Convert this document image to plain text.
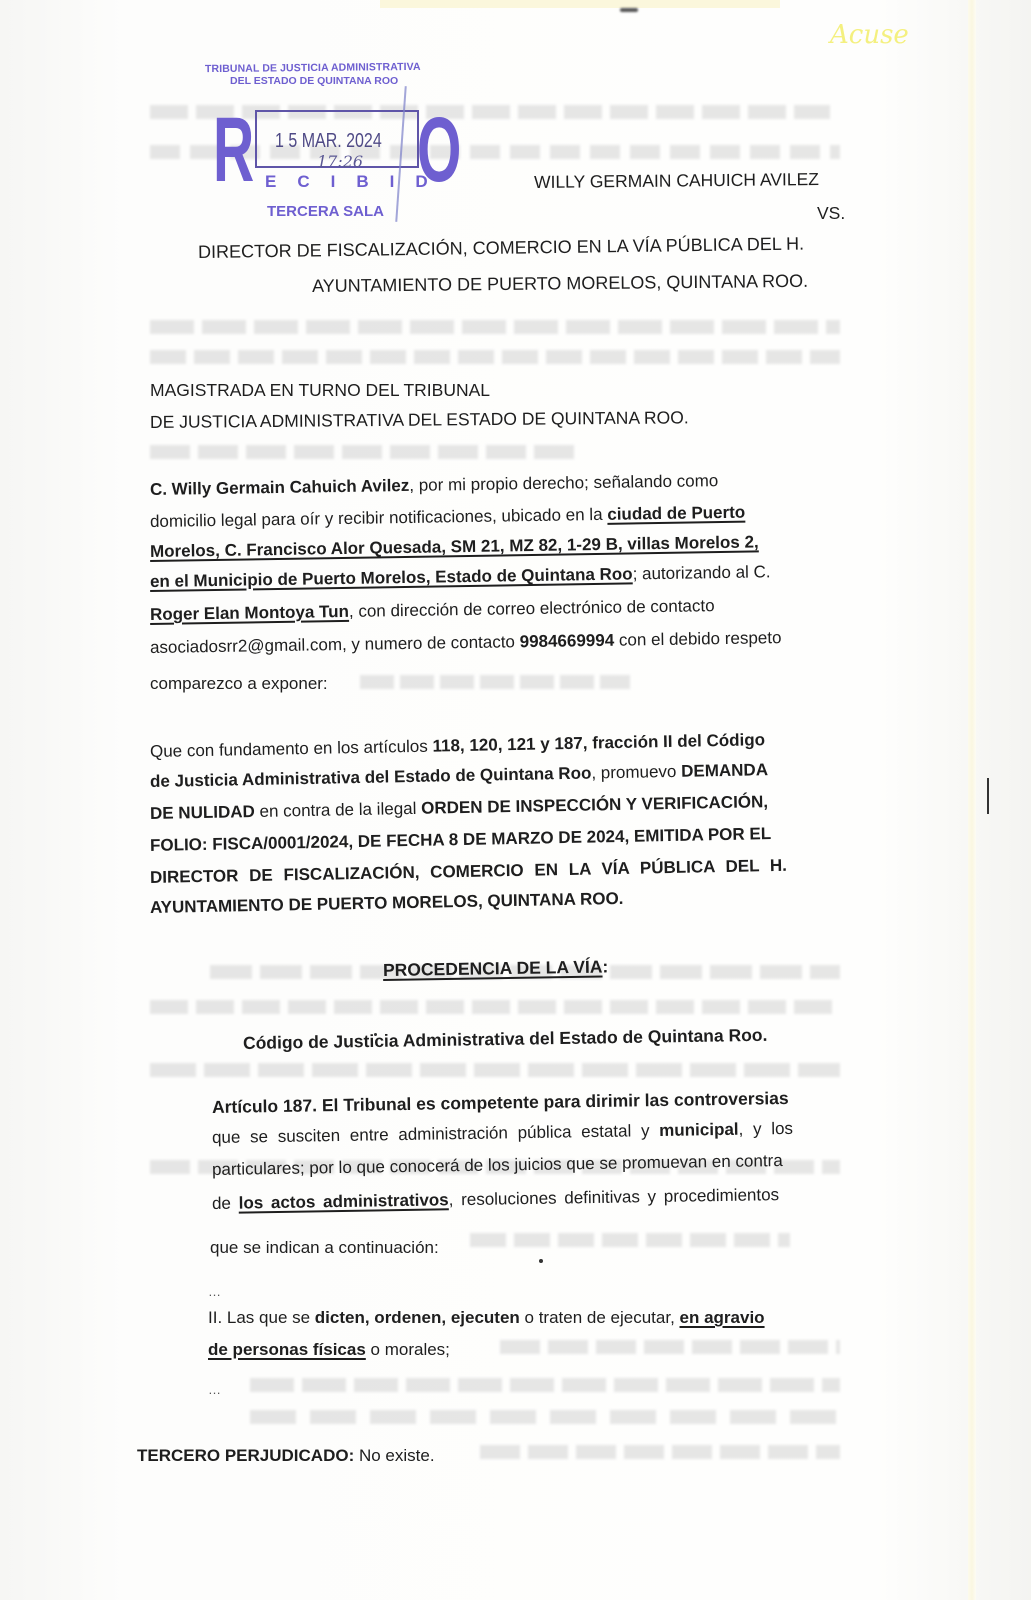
Acuse
TRIBUNAL DE JUSTICIA ADMINISTRATIVA
DEL ESTADO DE QUINTANA ROO
R 1 5 MAR. 2024
17:26
ECIBID
O
TERCERA SALA
WILLY GERMAIN CAHUICH AVILEZ
VS.
DIRECTOR DE FISCALIZACIÓN, COMERCIO EN LA VÍA PÚBLICA DEL H.
AYUNTAMIENTO DE PUERTO MORELOS, QUINTANA ROO.
MAGISTRADA EN TURNO DEL TRIBUNAL
DE JUSTICIA ADMINISTRATIVA DEL ESTADO DE QUINTANA ROO.
C. Willy Germain Cahuich Avilez, por mi propio derecho; señalando como
domicilio legal para oír y recibir notificaciones, ubicado en la ciudad de Puerto
Morelos, C. Francisco Alor Quesada, SM 21, MZ 82, 1-29 B, villas Morelos 2,
en el Municipio de Puerto Morelos, Estado de Quintana Roo; autorizando al C.
Roger Elan Montoya Tun, con dirección de correo electrónico de contacto
asociadosrr2@gmail.com, y numero de contacto 9984669994 con el debido respeto
comparezco a exponer:
Que con fundamento en los artículos 118, 120, 121 y 187, fracción II del Código
de Justicia Administrativa del Estado de Quintana Roo, promuevo DEMANDA
DE NULIDAD en contra de la ilegal ORDEN DE INSPECCIÓN Y VERIFICACIÓN,
FOLIO: FISCA/0001/2024, DE FECHA 8 DE MARZO DE 2024, EMITIDA POR EL
DIRECTOR DE FISCALIZACIÓN, COMERCIO EN LA VÍA PÚBLICA DEL H.
AYUNTAMIENTO DE PUERTO MORELOS, QUINTANA ROO.
PROCEDENCIA DE LA VÍA:
Código de Justicia Administrativa del Estado de Quintana Roo.
Artículo 187. El Tribunal es competente para dirimir las controversias
que se susciten entre administración pública estatal y municipal, y los
particulares; por lo que conocerá de los juicios que se promuevan en contra
de los actos administrativos, resoluciones definitivas y procedimientos
que se indican a continuación:
…
II. Las que se dicten, ordenen, ejecuten o traten de ejecutar, en agravio
de personas físicas o morales;
…
TERCERO PERJUDICADO: No existe.
